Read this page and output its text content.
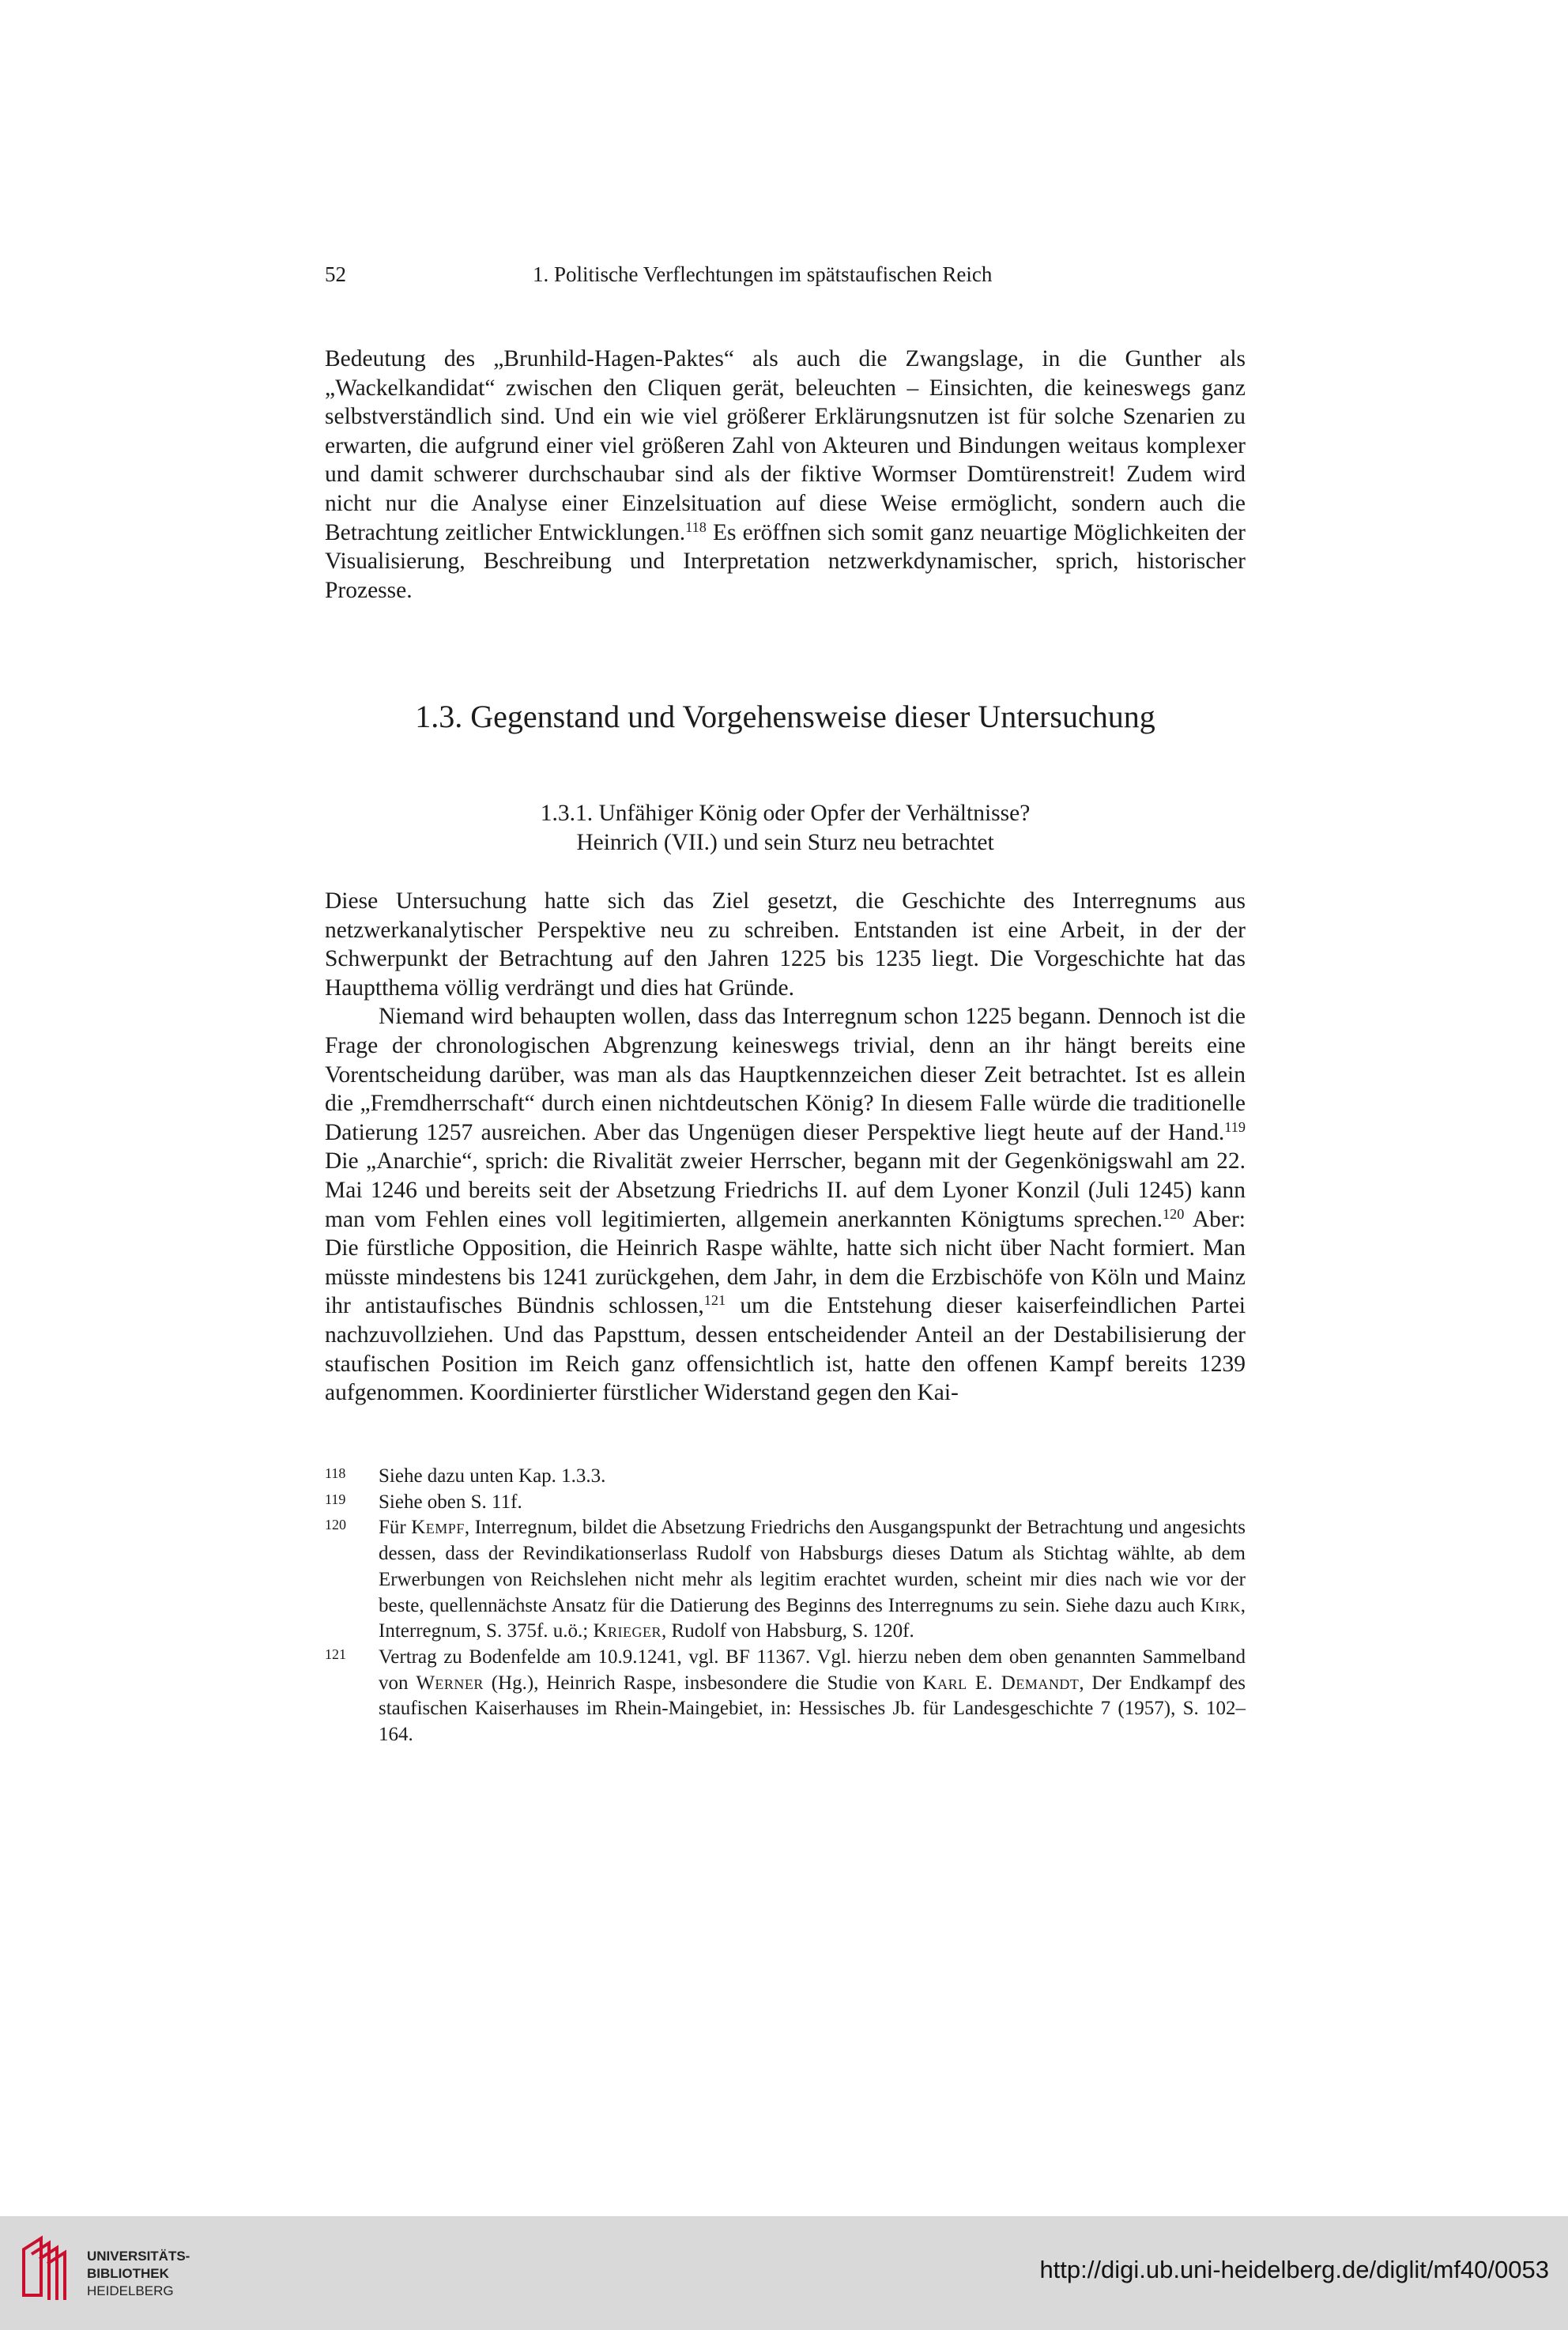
52	1. Politische Verflechtungen im spätstaufischen Reich

Bedeutung des „Brunhild-Hagen-Paktes“ als auch die Zwangslage, in die Gunther als „Wackelkandidat“ zwischen den Cliquen gerät, beleuchten – Einsichten, die keineswegs ganz selbstverständlich sind. Und ein wie viel größerer Erklärungsnutzen ist für solche Szenarien zu erwarten, die aufgrund einer viel größeren Zahl von Akteuren und Bindungen weitaus komplexer und damit schwerer durchschaubar sind als der fiktive Wormser Domtürenstreit! Zudem wird nicht nur die Analyse einer Einzelsituation auf diese Weise ermöglicht, sondern auch die Betrachtung zeitlicher Entwicklungen.$^{118}$ Es eröffnen sich somit ganz neuartige Möglichkeiten der Visualisierung, Beschreibung und Interpretation netzwerkdynamischer, sprich, historischer Prozesse.

1.3. Gegenstand und Vorgehensweise dieser Untersuchung
1.3.1. Unfähiger König oder Opfer der Verhältnisse?
Heinrich (VII.) und sein Sturz neu betrachtet

Diese Untersuchung hatte sich das Ziel gesetzt, die Geschichte des Interregnums aus netzwerkanalytischer Perspektive neu zu schreiben. Entstanden ist eine Arbeit, in der der Schwerpunkt der Betrachtung auf den Jahren 1225 bis 1235 liegt. Die Vorgeschichte hat das Hauptthema völlig verdrängt und dies hat Gründe.

Niemand wird behaupten wollen, dass das Interregnum schon 1225 begann. Dennoch ist die Frage der chronologischen Abgrenzung keineswegs trivial, denn an ihr hängt bereits eine Vorentscheidung darüber, was man als das Hauptkennzeichen dieser Zeit betrachtet. Ist es allein die „Fremdherrschaft“ durch einen nichtdeutschen König? In diesem Falle würde die traditionelle Datierung 1257 ausreichen. Aber das Ungenügen dieser Perspektive liegt heute auf der Hand.$^{119}$ Die „Anarchie“, sprich: die Rivalität zweier Herrscher, begann mit der Gegenkönigswahl am 22. Mai 1246 und bereits seit der Absetzung Friedrichs II. auf dem Lyoner Konzil (Juli 1245) kann man vom Fehlen eines voll legitimierten, allgemein anerkannten Königtums sprechen.$^{120}$ Aber: Die fürstliche Opposition, die Heinrich Raspe wählte, hatte sich nicht über Nacht formiert. Man müsste mindestens bis 1241 zurückgehen, dem Jahr, in dem die Erzbischöfe von Köln und Mainz ihr antistaufisches Bündnis schlossen,$^{121}$ um die Entstehung dieser kaiserfeindlichen Partei nachzuvollziehen. Und das Papsttum, dessen entscheidender Anteil an der Destabilisierung der staufischen Position im Reich ganz offensichtlich ist, hatte den offenen Kampf bereits 1239 aufgenommen. Koordinierter fürstlicher Widerstand gegen den Kai-

118 Siehe dazu unten Kap. 1.3.3.
119 Siehe oben S. 11f.
120 Für Kempf, Interregnum, bildet die Absetzung Friedrichs den Ausgangspunkt der Betrachtung und angesichts dessen, dass der Revindikationserlass Rudolf von Habsburgs dieses Datum als Stichtag wählte, ab dem Erwerbungen von Reichslehen nicht mehr als legitim erachtet wurden, scheint mir dies nach wie vor der beste, quellennächste Ansatz für die Datierung des Beginns des Interregnums zu sein. Siehe dazu auch Kirk, Interregnum, S. 375f. u.ö.; Krieger, Rudolf von Habsburg, S. 120f.
121 Vertrag zu Bodenfelde am 10.9.1241, vgl. BF 11367. Vgl. hierzu neben dem oben genannten Sammelband von Werner (Hg.), Heinrich Raspe, insbesondere die Studie von Karl E. Demandt, Der Endkampf des staufischen Kaiserhauses im Rhein-Maingebiet, in: Hessisches Jb. für Landesgeschichte 7 (1957), S. 102–164.
UNIVERSITÄTS-
BIBLIOTHEK
HEIDELBERG
http://digi.ub.uni-heidelberg.de/diglit/mf40/0053
